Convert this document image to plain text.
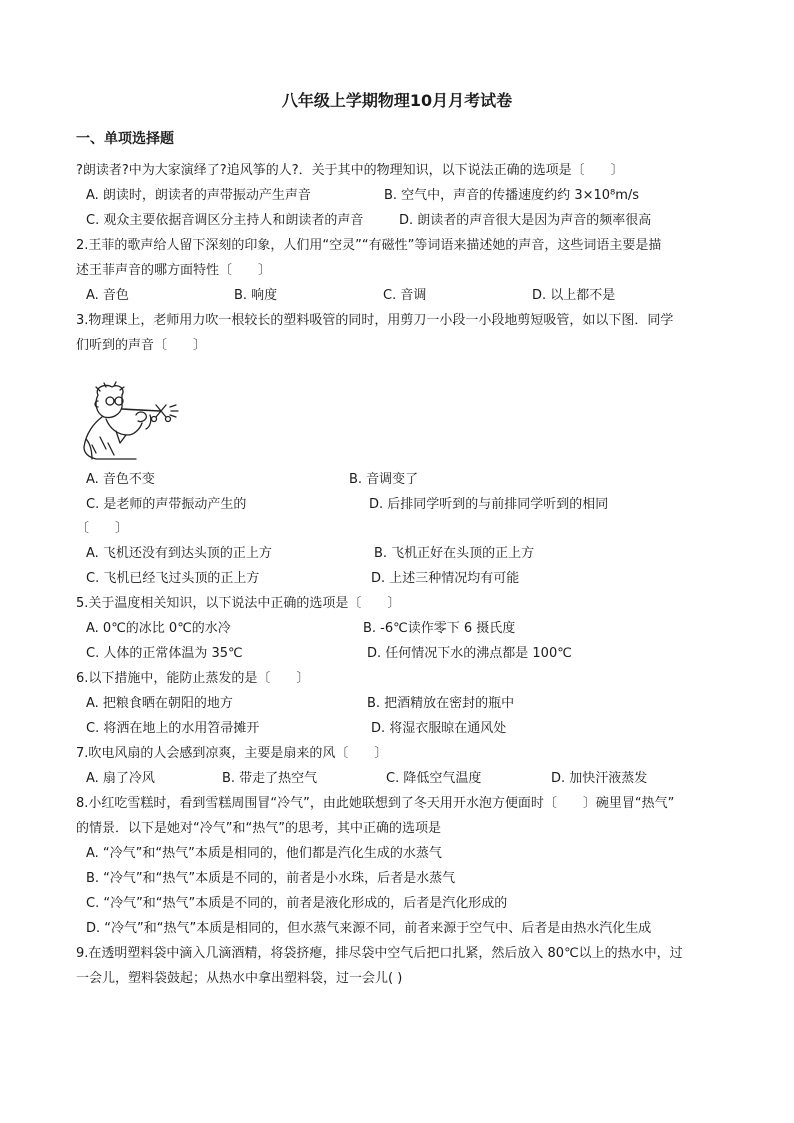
八年级上学期物理10月月考试卷
一、单项选择题
?朗读者?中为大家演绎了?追风筝的人?．关于其中的物理知识，以下说法正确的选项是〔　　〕
A. 朗读时，朗读者的声带振动产生声音	B. 空气中，声音的传播速度约约 3×10⁸m/s
C. 观众主要依据音调区分主持人和朗读者的声音	D. 朗读者的声音很大是因为声音的频率很高
2.王菲的歌声给人留下深刻的印象，人们用“空灵”“有磁性”等词语来描述她的声音，这些词语主要是描
述王菲声音的哪方面特性〔　　〕
A. 音色	B. 响度	C. 音调	D. 以上都不是
3.物理课上，老师用力吹一根较长的塑料吸管的同时，用剪刀一小段一小段地剪短吸管，如以下图．同学
们听到的声音〔　　〕
A. 音色不变	B. 音调变了
C. 是老师的声带振动产生的	D. 后排同学听到的与前排同学听到的相同
〔　　〕
A. 飞机还没有到达头顶的正上方	B. 飞机正好在头顶的正上方
C. 飞机已经飞过头顶的正上方	D. 上述三种情况均有可能
5.关于温度相关知识，以下说法中正确的选项是〔　　〕
A. 0℃的冰比 0℃的水冷	B. -6℃读作零下 6 摄氏度
C. 人体的正常体温为 35℃	D. 任何情况下水的沸点都是 100℃
6.以下措施中，能防止蒸发的是〔　　〕
A. 把粮食晒在朝阳的地方	B. 把酒精放在密封的瓶中
C. 将洒在地上的水用笤帚摊开	D. 将湿衣服晾在通风处
7.吹电风扇的人会感到凉爽，主要是扇来的风〔　　〕
A. 扇了冷风	B. 带走了热空气	C. 降低空气温度	D. 加快汗液蒸发
8.小红吃雪糕时，看到雪糕周围冒“冷气”，由此她联想到了冬天用开水泡方便面时〔　　〕碗里冒“热气”
的情景．以下是她对“冷气”和“热气”的思考，其中正确的选项是
A. “冷气”和“热气”本质是相同的，他们都是汽化生成的水蒸气
B. “冷气”和“热气”本质是不同的，前者是小水珠，后者是水蒸气
C. “冷气”和“热气”本质是不同的，前者是液化形成的，后者是汽化形成的
D. “冷气”和“热气”本质是相同的，但水蒸气来源不同，前者来源于空气中、后者是由热水汽化生成
9.在透明塑料袋中滴入几滴酒精，将袋挤瘪，排尽袋中空气后把口扎紧，然后放入 80℃以上的热水中，过
一会儿，塑料袋鼓起；从热水中拿出塑料袋，过一会儿( )
